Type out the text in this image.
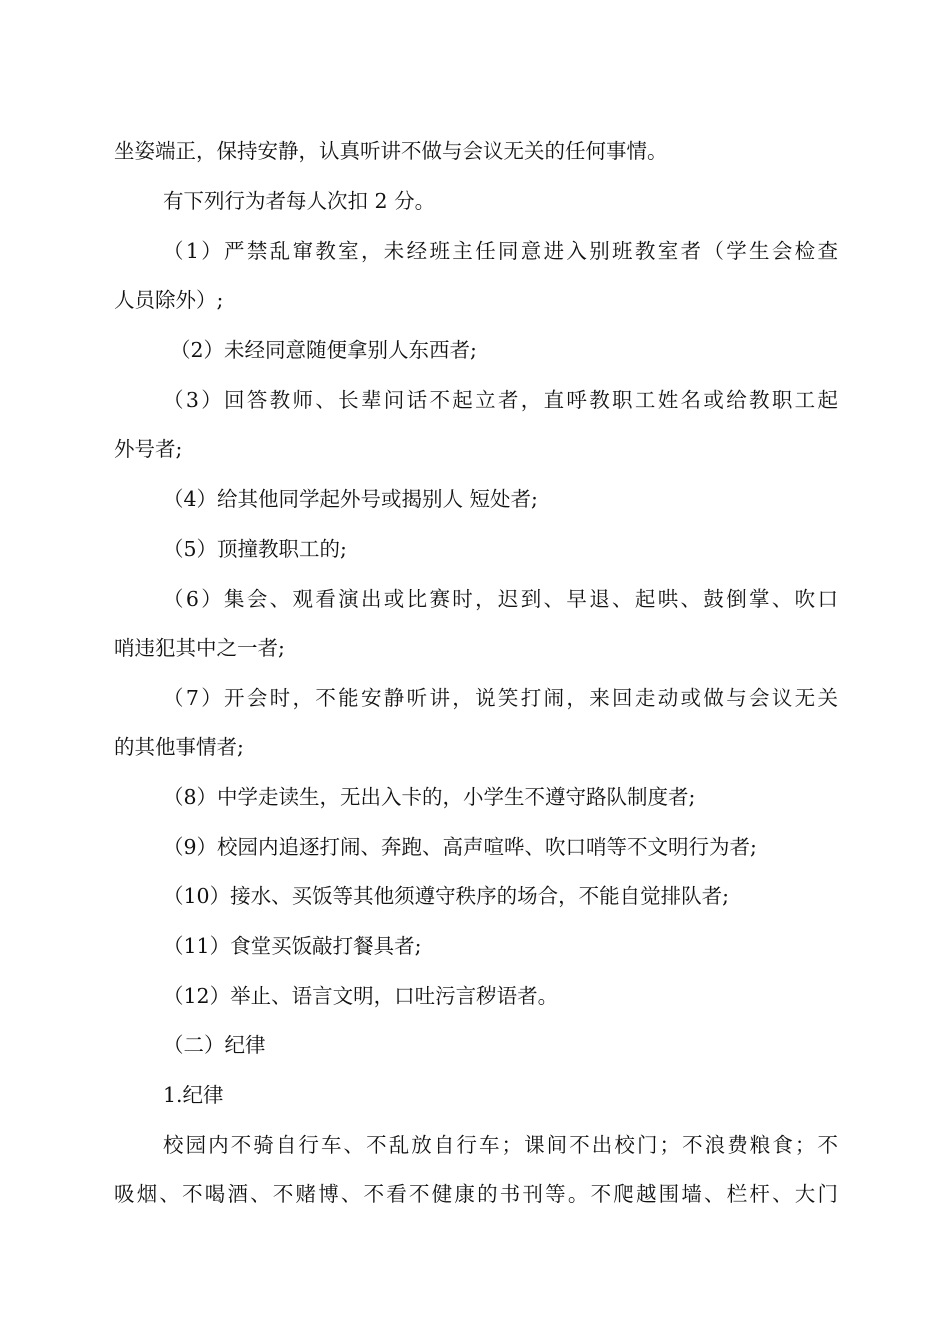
坐姿端正，保持安静，认真听讲不做与会议无关的任何事情。
有下列行为者每人次扣 2 分。
（1）严禁乱窜教室，未经班主任同意进入别班教室者（学生会检查
人员除外）;
（2）未经同意随便拿别人东西者;
（3）回答教师、长辈问话不起立者，直呼教职工姓名或给教职工起
外号者;
（4）给其他同学起外号或揭别人 短处者;
（5）顶撞教职工的;
（6）集会、观看演出或比赛时，迟到、早退、起哄、鼓倒掌、吹口
哨违犯其中之一者;
（7）开会时，不能安静听讲，说笑打闹，来回走动或做与会议无关
的其他事情者;
（8）中学走读生，无出入卡的，小学生不遵守路队制度者;
（9）校园内追逐打闹、奔跑、高声喧哗、吹口哨等不文明行为者;
（10）接水、买饭等其他须遵守秩序的场合，不能自觉排队者;
（11）食堂买饭敲打餐具者;
（12）举止、语言文明，口吐污言秽语者。
（二）纪律
1.纪律
校园内不骑自行车、不乱放自行车；课间不出校门；不浪费粮食；不
吸烟、不喝酒、不赌博、不看不健康的书刊等。不爬越围墙、栏杆、大门
